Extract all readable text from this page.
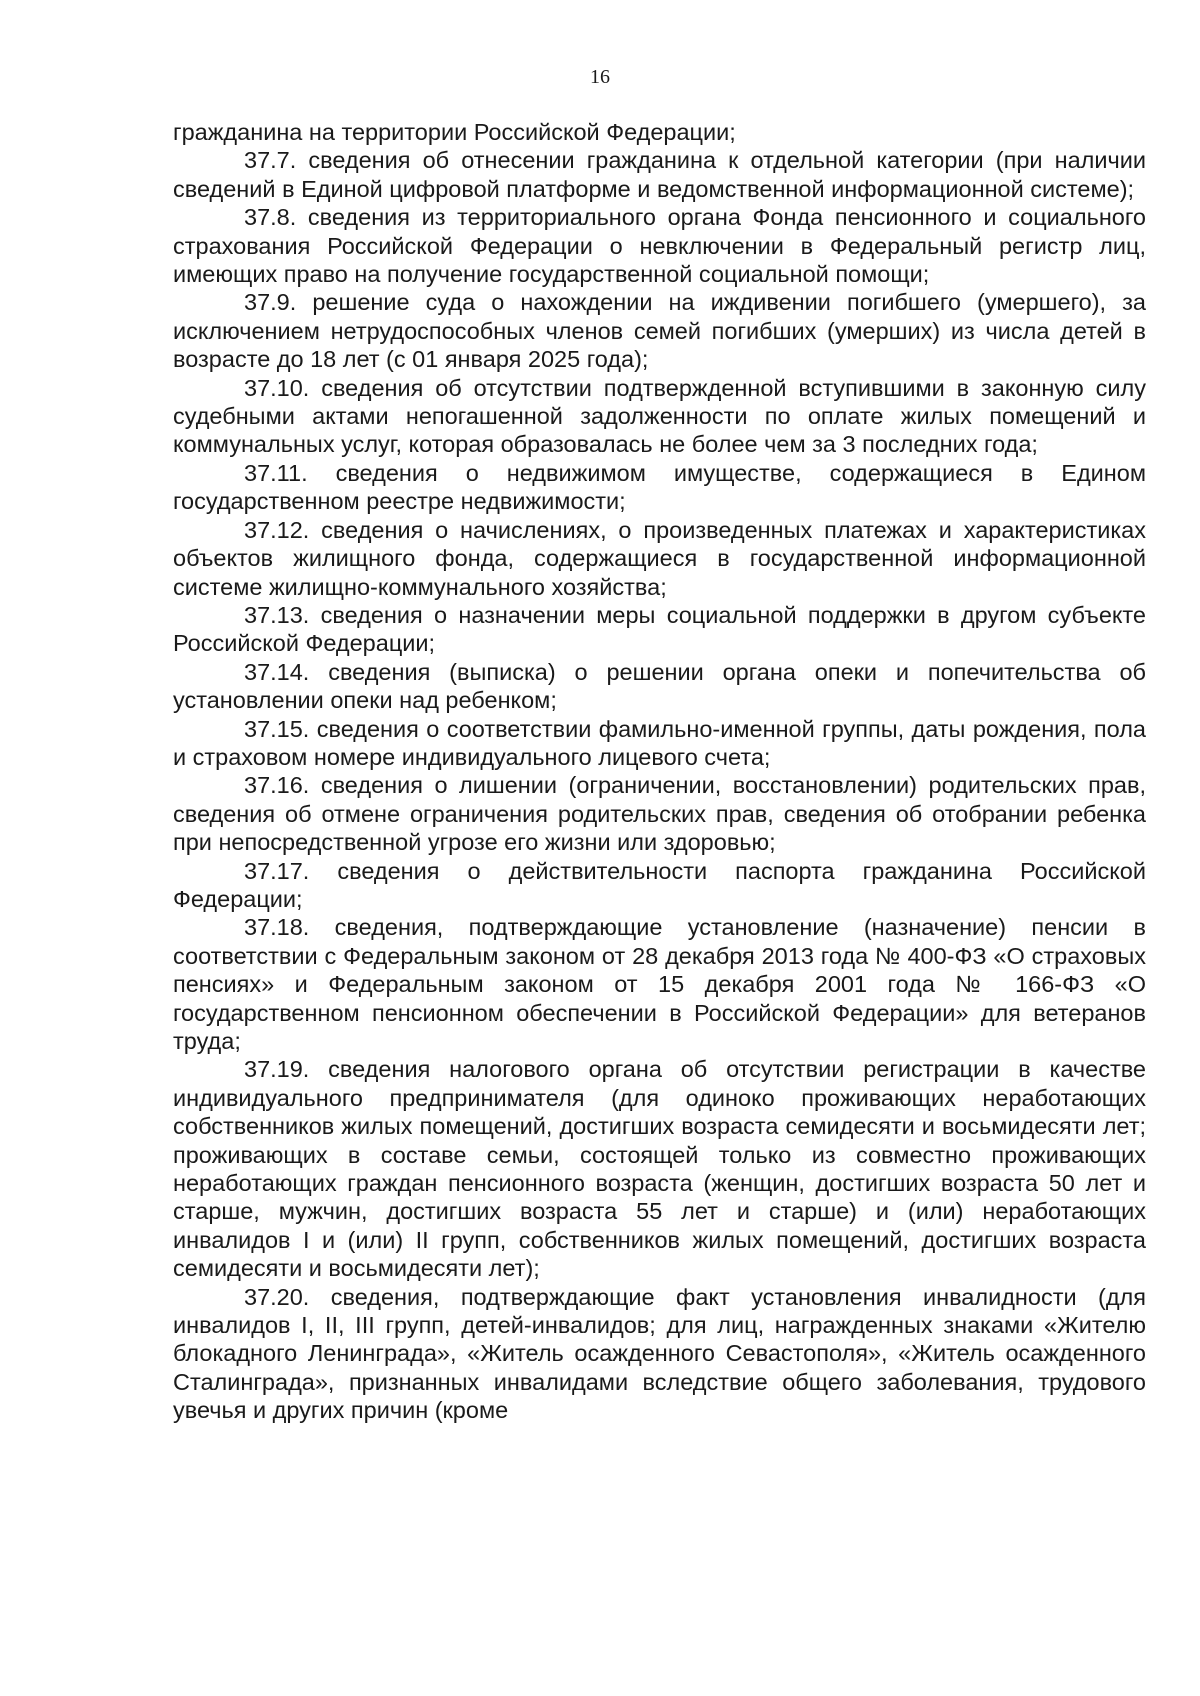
16

гражданина на территории Российской Федерации;

37.7. сведения об отнесении гражданина к отдельной категории (при наличии сведений в Единой цифровой платформе и ведомственной информационной системе);

37.8. сведения из территориального органа Фонда пенсионного и социального страхования Российской Федерации о невключении в Федеральный регистр лиц, имеющих право на получение государственной социальной помощи;

37.9. решение суда о нахождении на иждивении погибшего (умершего), за исключением нетрудоспособных членов семей погибших (умерших) из числа детей в возрасте до 18 лет (с 01 января 2025 года);

37.10. сведения об отсутствии подтвержденной вступившими в законную силу судебными актами непогашенной задолженности по оплате жилых помещений и коммунальных услуг, которая образовалась не более чем за 3 последних года;

37.11. сведения о недвижимом имуществе, содержащиеся в Едином государственном реестре недвижимости;

37.12. сведения о начислениях, о произведенных платежах и характеристиках объектов жилищного фонда, содержащиеся в государственной информационной системе жилищно-коммунального хозяйства;

37.13. сведения о назначении меры социальной поддержки в другом субъекте Российской Федерации;

37.14. сведения (выписка) о решении органа опеки и попечительства об установлении опеки над ребенком;

37.15. сведения о соответствии фамильно-именной группы, даты рождения, пола и страховом номере индивидуального лицевого счета;

37.16. сведения о лишении (ограничении, восстановлении) родительских прав, сведения об отмене ограничения родительских прав, сведения об отобрании ребенка при непосредственной угрозе его жизни или здоровью;

37.17. сведения о действительности паспорта гражданина Российской Федерации;

37.18. сведения, подтверждающие установление (назначение) пенсии в соответствии с Федеральным законом от 28 декабря 2013 года № 400-ФЗ «О страховых пенсиях» и Федеральным законом от 15 декабря 2001 года № 166-ФЗ «О государственном пенсионном обеспечении в Российской Федерации» для ветеранов труда;

37.19. сведения налогового органа об отсутствии регистрации в качестве индивидуального предпринимателя (для одиноко проживающих неработающих собственников жилых помещений, достигших возраста семидесяти и восьмидесяти лет; проживающих в составе семьи, состоящей только из совместно проживающих неработающих граждан пенсионного возраста (женщин, достигших возраста 50 лет и старше, мужчин, достигших возраста 55 лет и старше) и (или) неработающих инвалидов I и (или) II групп, собственников жилых помещений, достигших возраста семидесяти и восьмидесяти лет);

37.20. сведения, подтверждающие факт установления инвалидности (для инвалидов I, II, III групп, детей-инвалидов; для лиц, награжденных знаками «Жителю блокадного Ленинграда», «Житель осажденного Севастополя», «Житель осажденного Сталинграда», признанных инвалидами вследствие общего заболевания, трудового увечья и других причин (кроме
